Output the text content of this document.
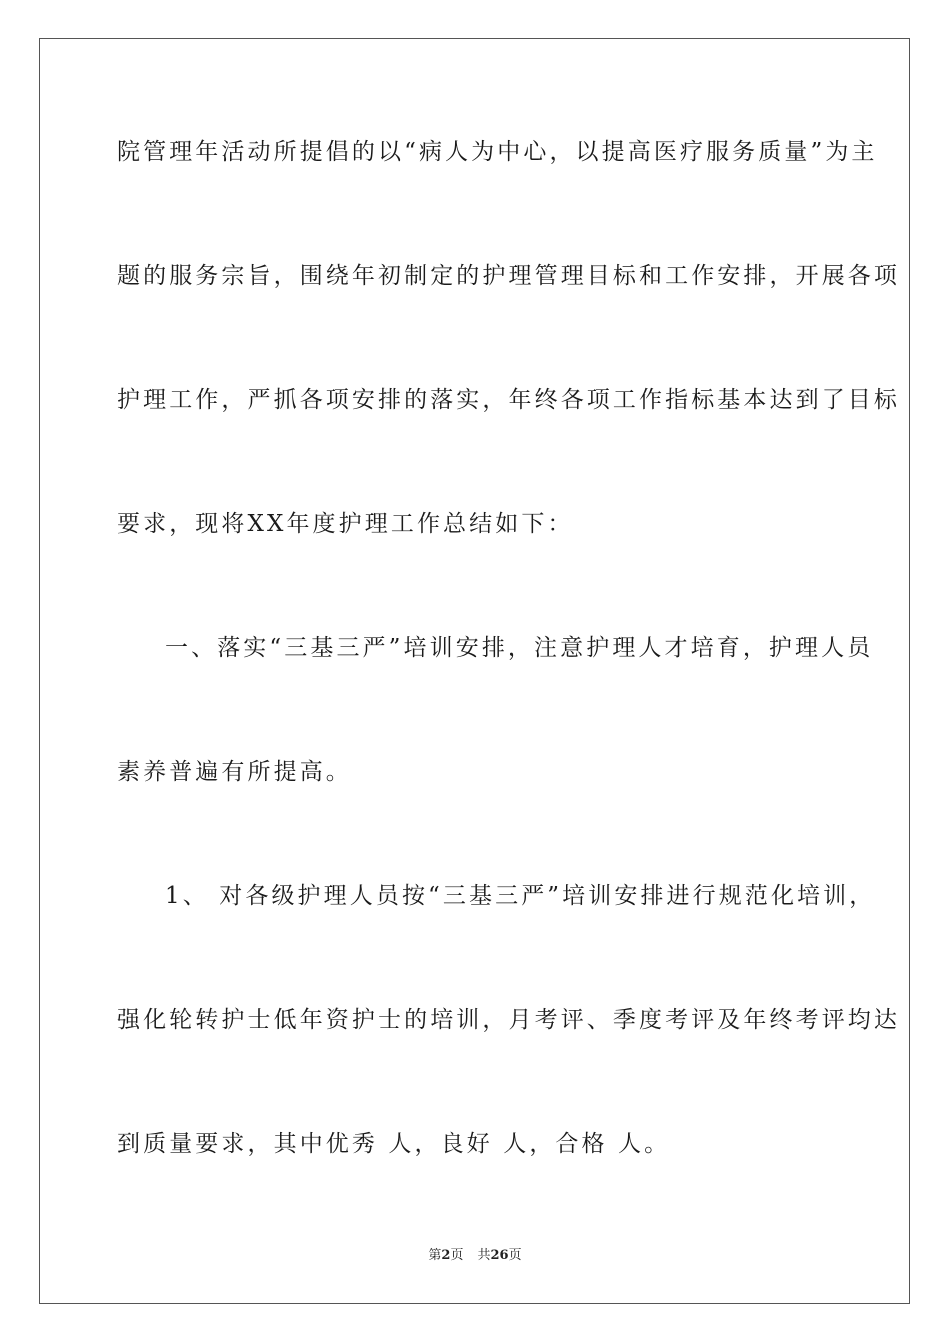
院管理年活动所提倡的以“病人为中心，以提高医疗服务质量”为主
题的服务宗旨，围绕年初制定的护理管理目标和工作安排，开展各项
护理工作，严抓各项安排的落实，年终各项工作指标基本达到了目标
要求，现将XX年度护理工作总结如下：
一、落实“三基三严”培训安排，注意护理人才培育，护理人员
素养普遍有所提高。
1、 对各级护理人员按“三基三严”培训安排进行规范化培训，
强化轮转护士低年资护士的培训，月考评、季度考评及年终考评均达
到质量要求，其中优秀 人，良好 人，合格 人。
第2页 共26页
